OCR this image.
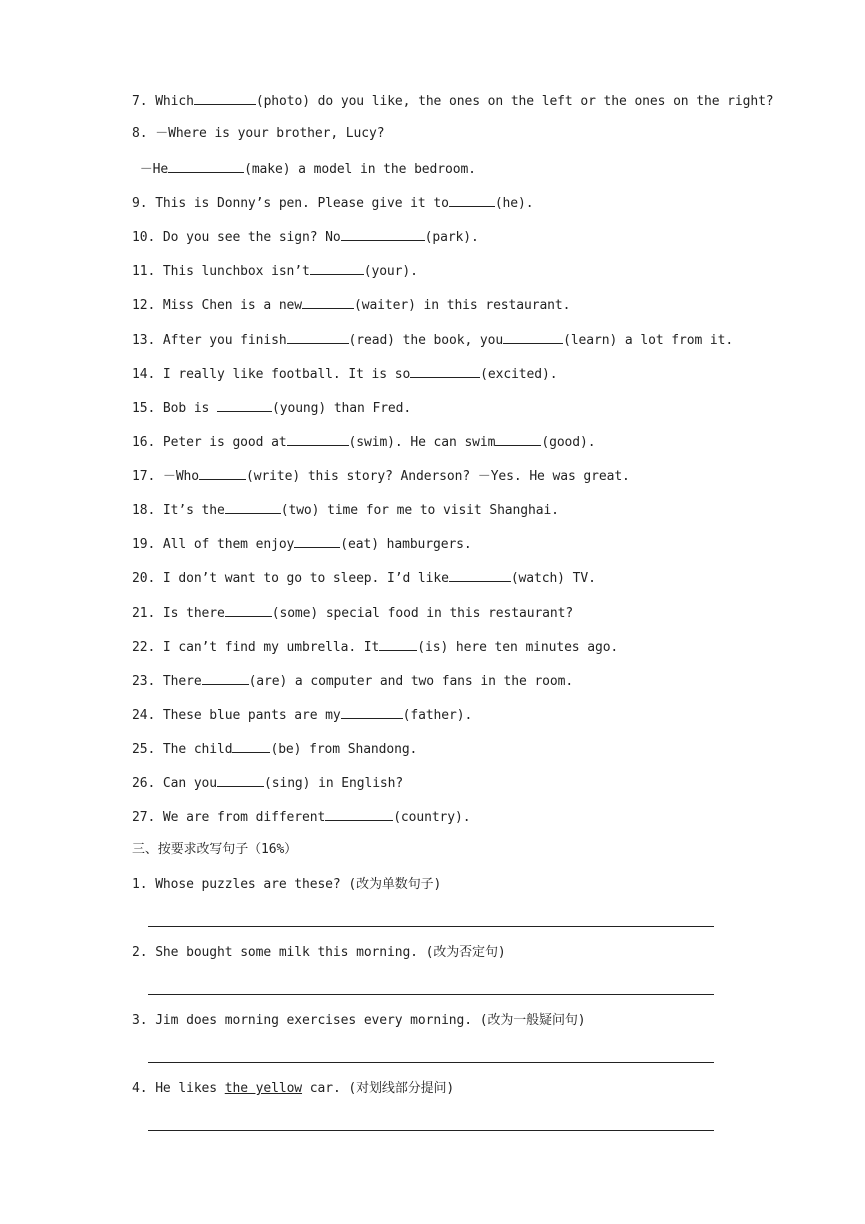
7. Which	(photo) do you like, the ones on the left or the ones on the right?
8. －Where is your brother, Lucy?
－He	(make) a model in the bedroom.
9. This is Donny’s pen. Please give it to	(he).
10. Do you see the sign? No	(park).
11. This lunchbox isn’t	(your).
12. Miss Chen is a new	(waiter) in this restaurant.
13. After you finish	(read) the book, you	(learn) a lot from it.
14. I really like football. It is so	(excited).
15. Bob is	(young) than Fred.
16. Peter is good at	(swim). He can swim	(good).
17. －Who	(write) this story? Anderson? －Yes. He was great.
18. It’s the	(two) time for me to visit Shanghai.
19. All of them enjoy	(eat) hamburgers.
20. I don’t want to go to sleep. I’d like	(watch) TV.
21. Is there	(some) special food in this restaurant?
22. I can’t find my umbrella. It	(is) here ten minutes ago.
23. There	(are) a computer and two fans in the room.
24. These blue pants are my	(father).
25. The child	(be) from Shandong.
26. Can you	(sing) in English?
27. We are from different	(country).
三、按要求改写句子（16%）
1. Whose puzzles are these? (改为单数句子)
2. She bought some milk this morning. (改为否定句)
3. Jim does morning exercises every morning. (改为一般疑问句)
4. He likes the yellow car. (对划线部分提问)
